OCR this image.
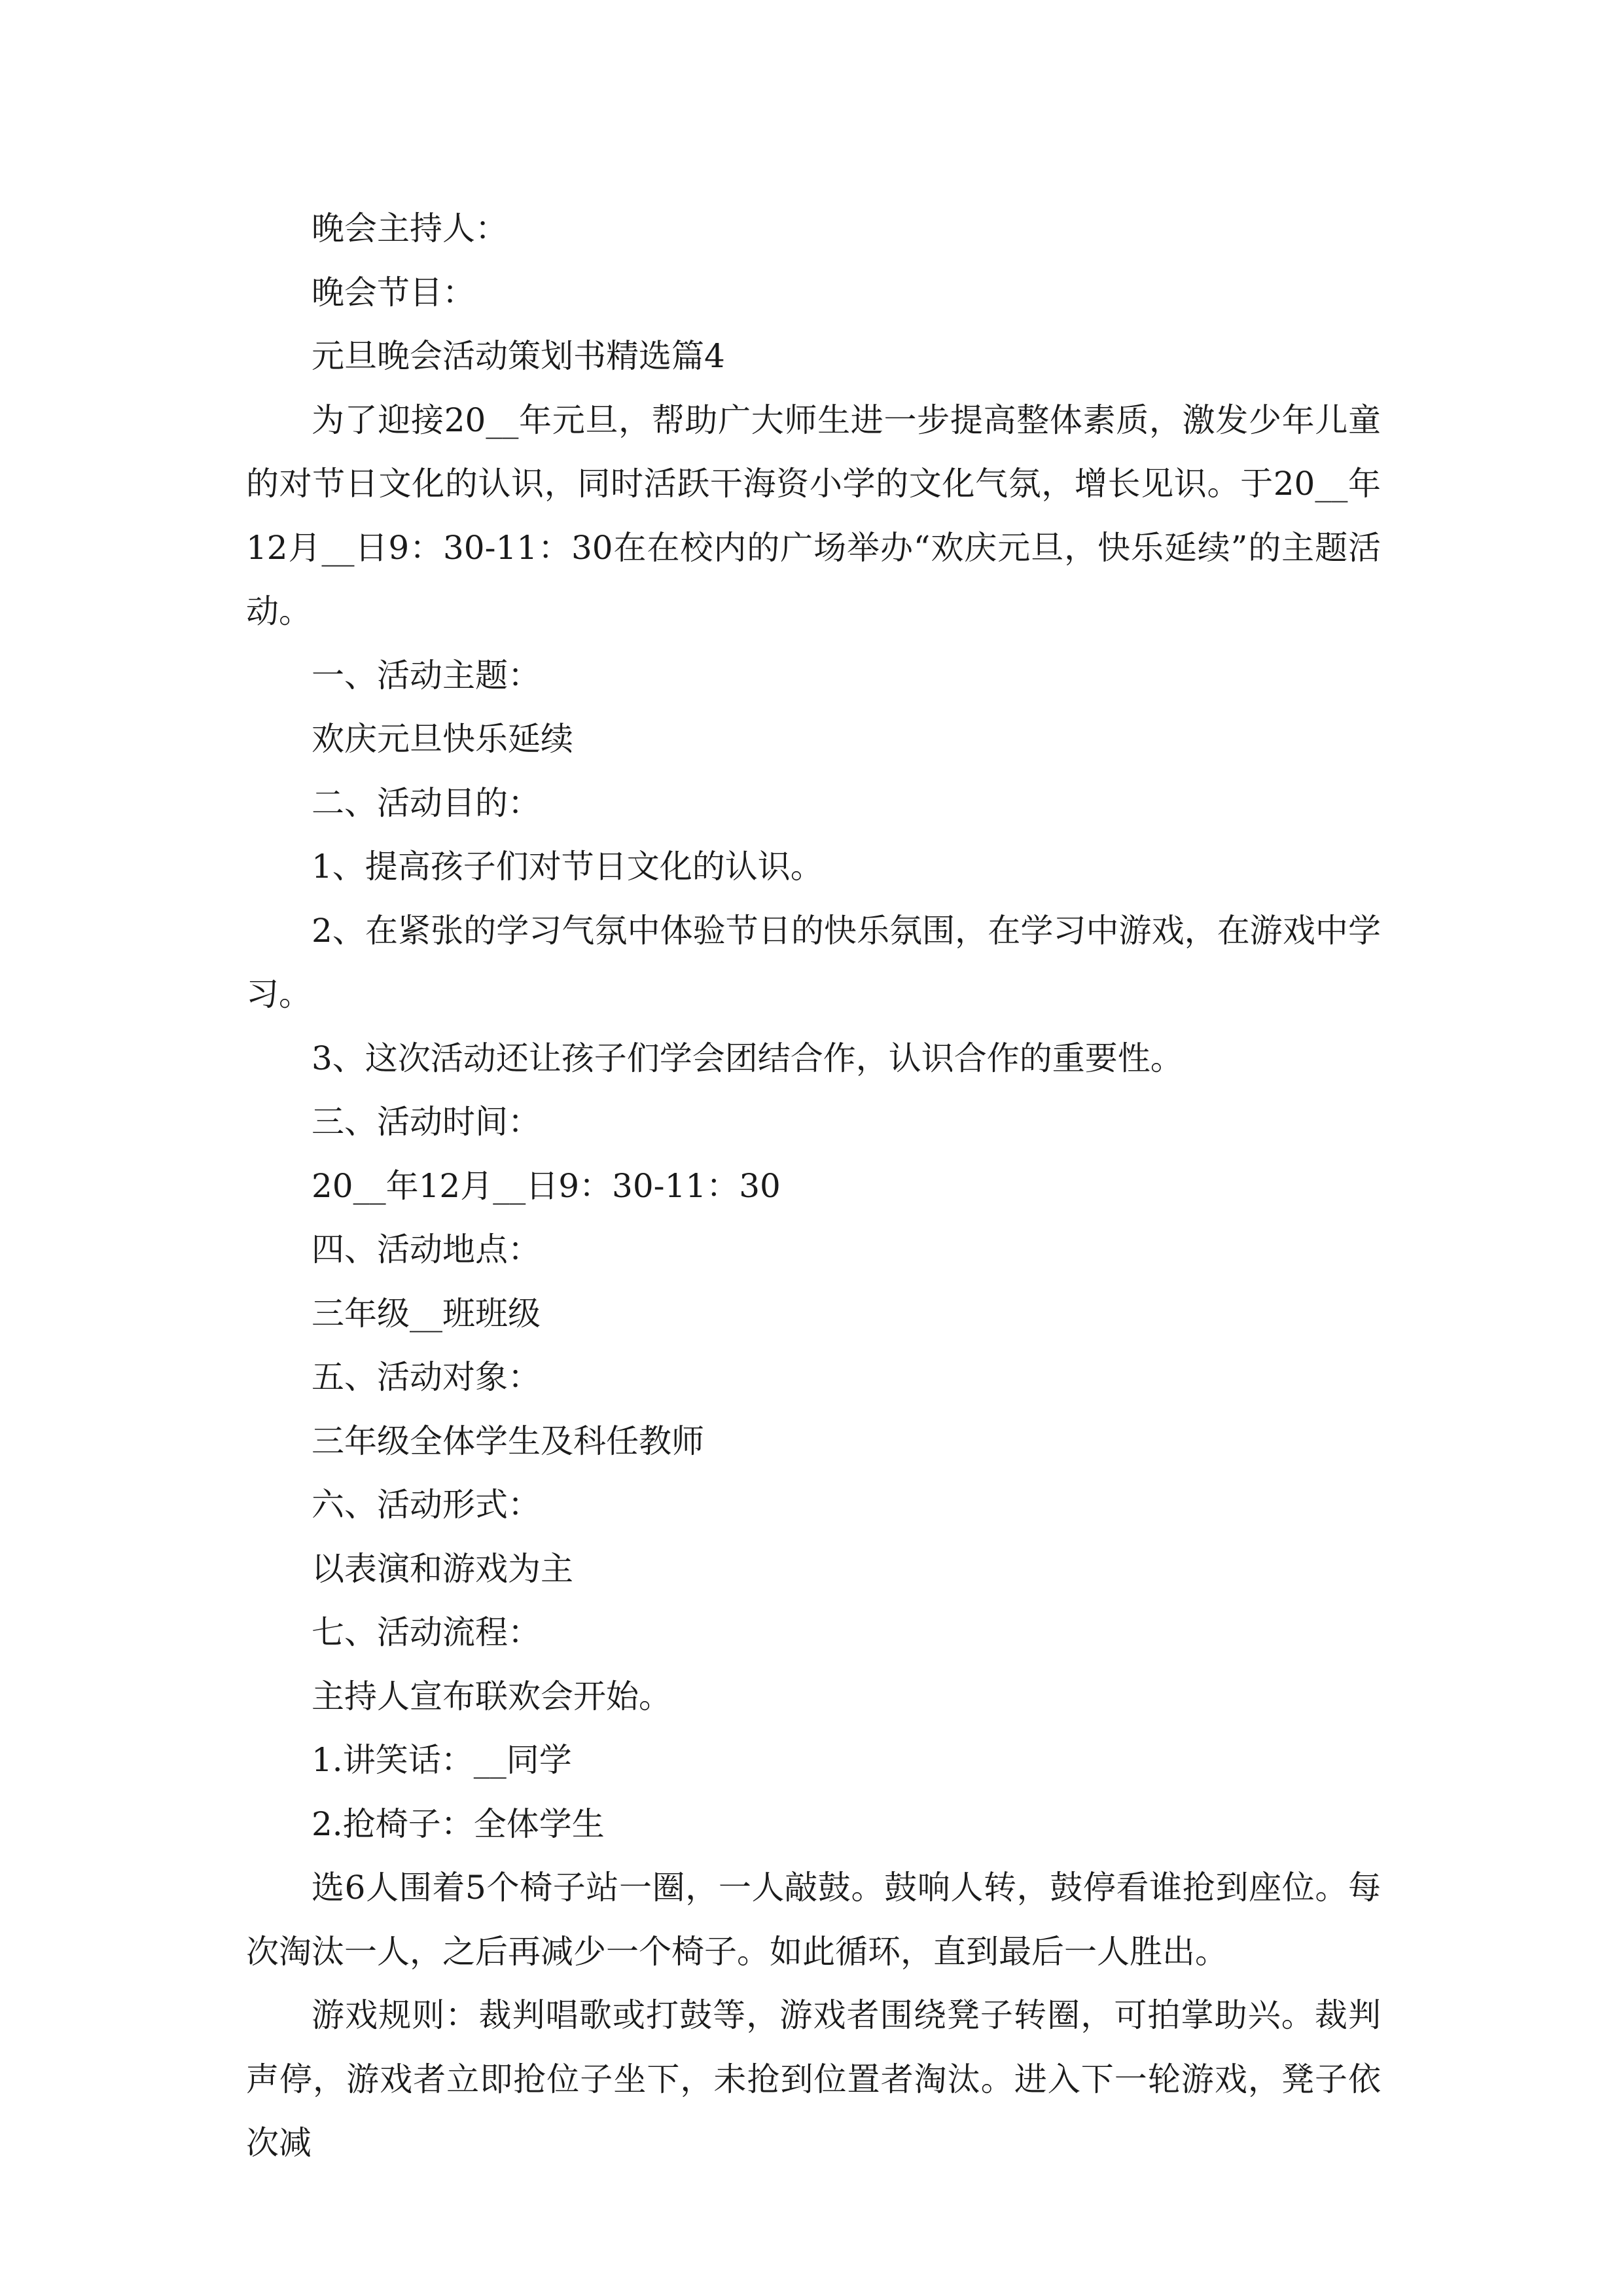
晚会主持人：

晚会节目：

元旦晚会活动策划书精选篇4

为了迎接20__年元旦，帮助广大师生进一步提高整体素质，激发少年儿童的对节日文化的认识，同时活跃干海资小学的文化气氛，增长见识。于20__年12月__日9：30-11：30在在校内的广场举办“欢庆元旦，快乐延续”的主题活动。

一、活动主题：

欢庆元旦快乐延续

二、活动目的：

1、提高孩子们对节日文化的认识。

2、在紧张的学习气氛中体验节日的快乐氛围，在学习中游戏，在游戏中学习。

3、这次活动还让孩子们学会团结合作，认识合作的重要性。

三、活动时间：

20__年12月__日9：30-11：30

四、活动地点：

三年级__班班级

五、活动对象：

三年级全体学生及科任教师

六、活动形式：

以表演和游戏为主

七、活动流程：

主持人宣布联欢会开始。

1.讲笑话：__同学

2.抢椅子：全体学生

选6人围着5个椅子站一圈，一人敲鼓。鼓响人转，鼓停看谁抢到座位。每次淘汰一人，之后再减少一个椅子。如此循环，直到最后一人胜出。

游戏规则：裁判唱歌或打鼓等，游戏者围绕凳子转圈，可拍掌助兴。裁判声停，游戏者立即抢位子坐下，未抢到位置者淘汰。进入下一轮游戏，凳子依次减
